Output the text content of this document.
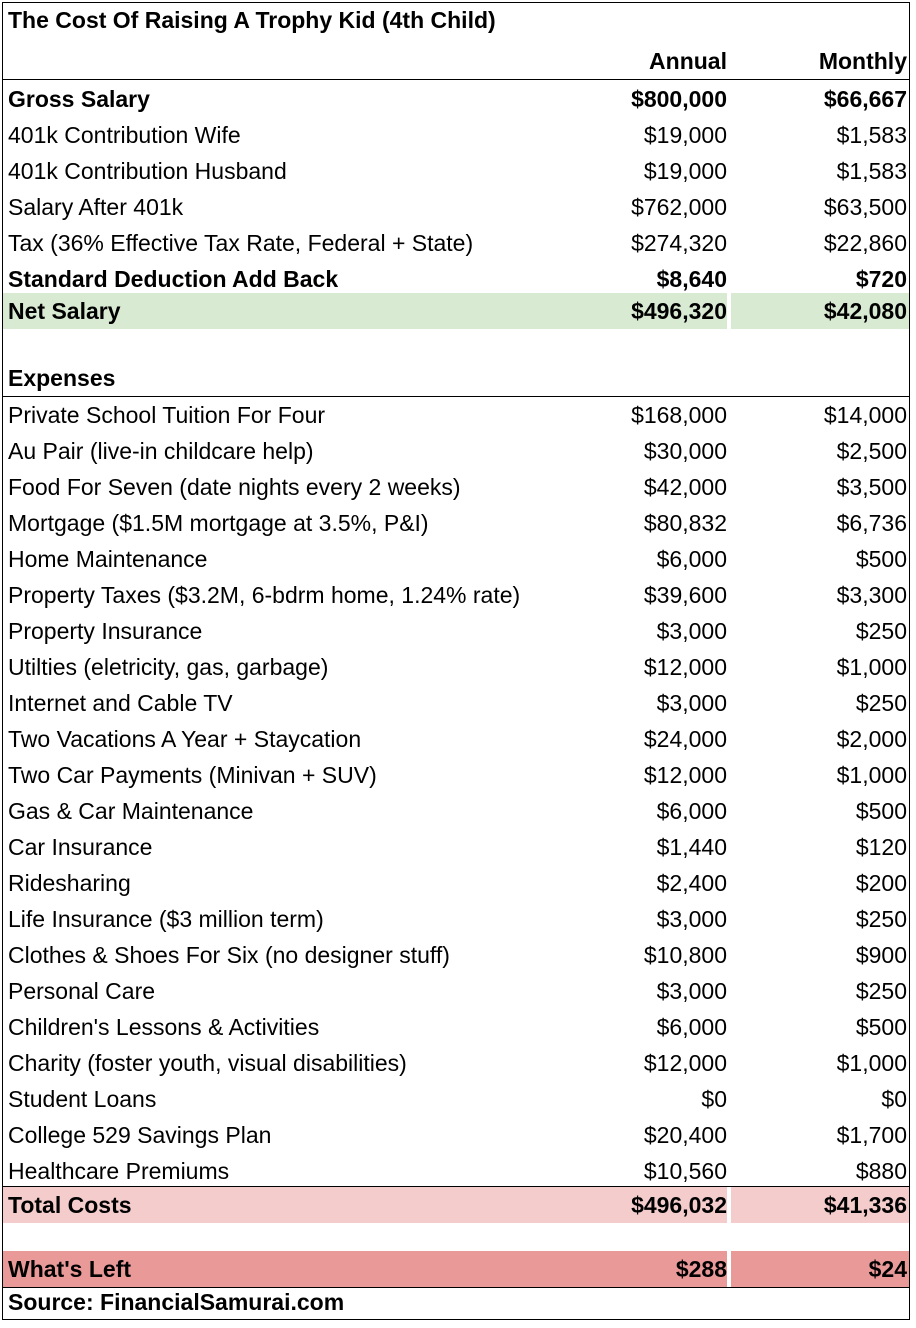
The Cost Of Raising A Trophy Kid (4th Child)
Annual	Monthly
Gross Salary	$800,000	$66,667
401k Contribution Wife	$19,000	$1,583
401k Contribution Husband	$19,000	$1,583
Salary After 401k	$762,000	$63,500
Tax (36% Effective Tax Rate, Federal + State)	$274,320	$22,860
Standard Deduction Add Back	$8,640	$720
Net Salary	$496,320	$42,080
Expenses
Private School Tuition For Four	$168,000	$14,000
Au Pair (live-in childcare help)	$30,000	$2,500
Food For Seven (date nights every 2 weeks)	$42,000	$3,500
Mortgage ($1.5M mortgage at 3.5%, P&I)	$80,832	$6,736
Home Maintenance	$6,000	$500
Property Taxes ($3.2M, 6-bdrm home, 1.24% rate)	$39,600	$3,300
Property Insurance	$3,000	$250
Utilties (eletricity, gas, garbage)	$12,000	$1,000
Internet and Cable TV	$3,000	$250
Two Vacations A Year + Staycation	$24,000	$2,000
Two Car Payments (Minivan + SUV)	$12,000	$1,000
Gas & Car Maintenance	$6,000	$500
Car Insurance	$1,440	$120
Ridesharing	$2,400	$200
Life Insurance ($3 million term)	$3,000	$250
Clothes & Shoes For Six (no designer stuff)	$10,800	$900
Personal Care	$3,000	$250
Children's Lessons & Activities	$6,000	$500
Charity (foster youth, visual disabilities)	$12,000	$1,000
Student Loans	$0	$0
College 529 Savings Plan	$20,400	$1,700
Healthcare Premiums	$10,560	$880
Total Costs	$496,032	$41,336
What's Left	$288	$24
Source: FinancialSamurai.com
